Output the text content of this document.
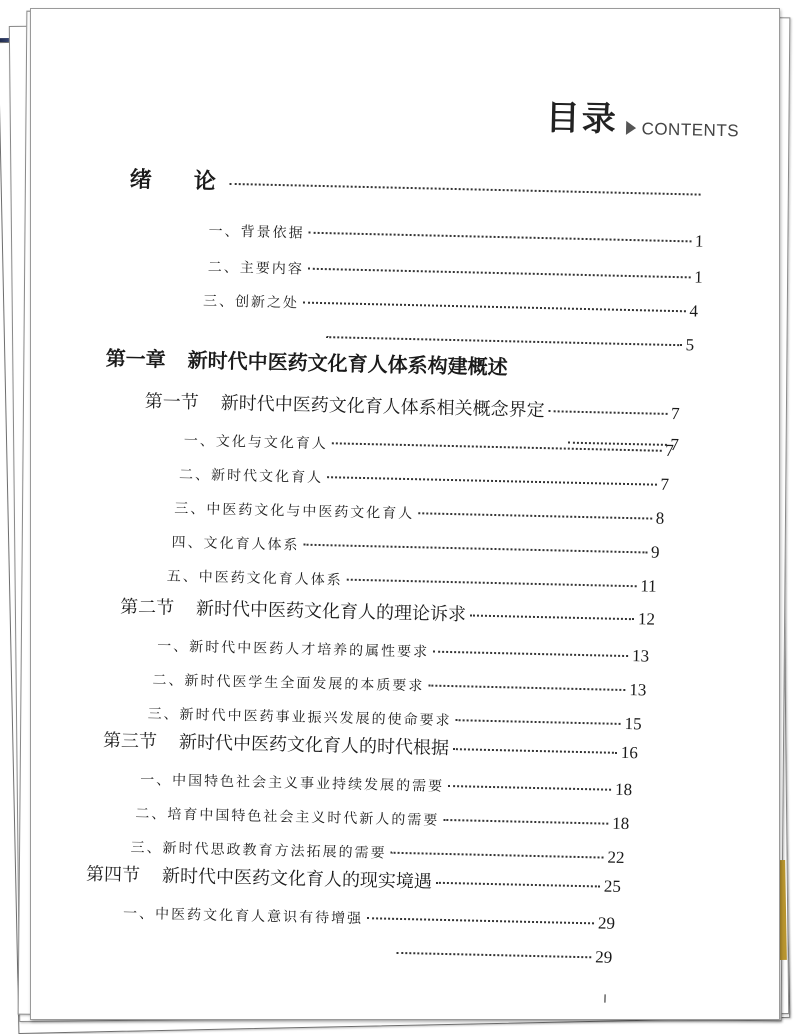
目录 CONTENTS
绪　论
一、背景依据	1
二、主要内容	1
三、创新之处	4
5
第一章 新时代中医药文化育人体系构建概述
第一节 新时代中医药文化育人体系相关概念界定	7
7
一、文化与文化育人	7
二、新时代文化育人	7
三、中医药文化与中医药文化育人	8
四、文化育人体系	9
五、中医药文化育人体系	11
第二节 新时代中医药文化育人的理论诉求	12
一、新时代中医药人才培养的属性要求	13
二、新时代医学生全面发展的本质要求	13
三、新时代中医药事业振兴发展的使命要求	15
第三节 新时代中医药文化育人的时代根据	16
一、中国特色社会主义事业持续发展的需要	18
二、培育中国特色社会主义时代新人的需要	18
三、新时代思政教育方法拓展的需要	22
第四节 新时代中医药文化育人的现实境遇	25
一、中医药文化育人意识有待增强	29
29
I
